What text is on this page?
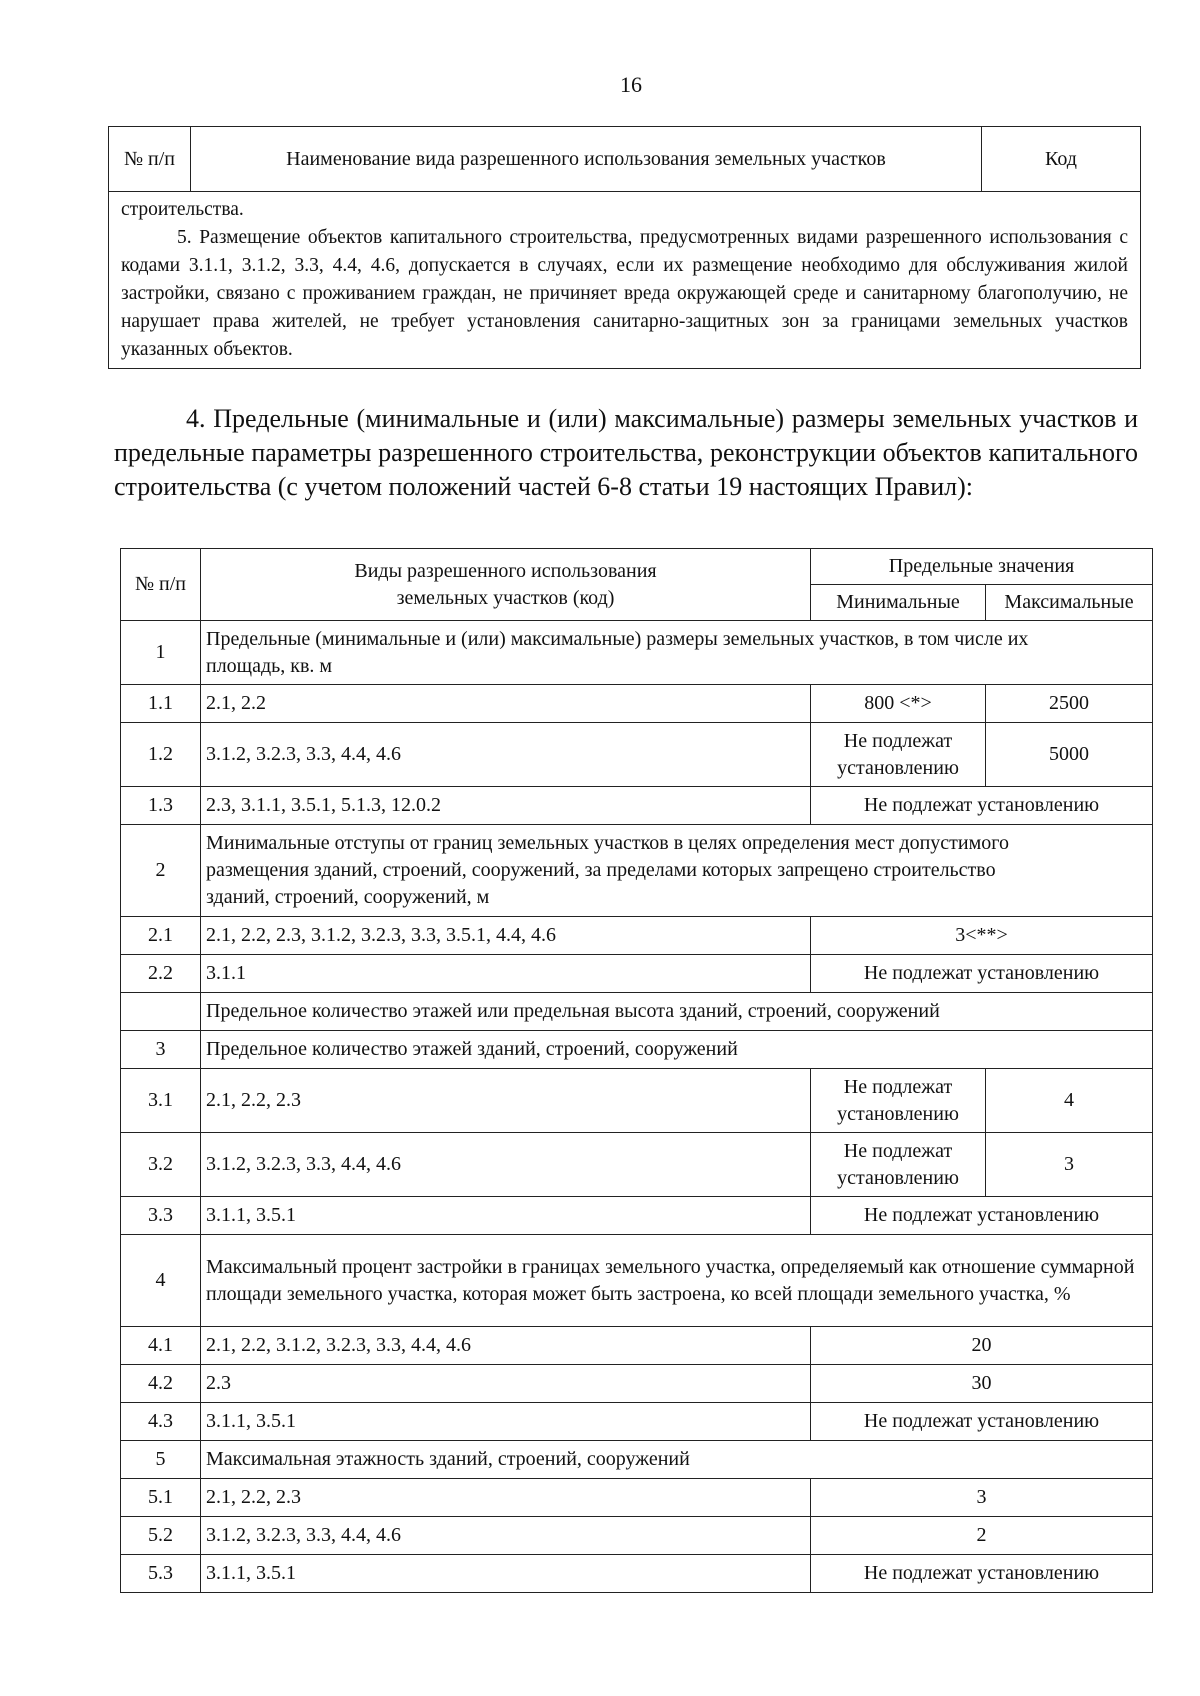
16
№ п/п	Наименование вида разрешенного использования земельных участков	Код

строительства.

5. Размещение объектов капитального строительства, предусмотренных видами разрешенного использования с кодами 3.1.1, 3.1.2, 3.3, 4.4, 4.6, допускается в случаях, если их размещение необходимо для обслуживания жилой застройки, связано с проживанием граждан, не причиняет вреда окружающей среде и санитарному благополучию, не нарушает права жителей, не требует установления санитарно-защитных зон за границами земельных участков указанных объектов.

4. Предельные (минимальные и (или) максимальные) размеры земельных участков и предельные параметры разрешенного строительства, реконструкции объектов капитального строительства (с учетом положений частей 6-8 статьи 19 настоящих Правил):

№ п/п	Виды разрешенного использования земельных участков (код)	Предельные значения	
		Минимальные	Максимальные
1	Предельные (минимальные и (или) максимальные) размеры земельных участков, в том числе их площадь, кв. м		
1.1	2.1, 2.2	800 <*>	2500
1.2	3.1.2, 3.2.3, 3.3, 4.4, 4.6	Не подлежат установлению	5000
1.3	2.3, 3.1.1, 3.5.1, 5.1.3, 12.0.2	Не подлежат установлению	
2	Минимальные отступы от границ земельных участков в целях определения мест допустимого размещения зданий, строений, сооружений, за пределами которых запрещено строительство зданий, строений, сооружений, м		
2.1	2.1, 2.2, 2.3, 3.1.2, 3.2.3, 3.3, 3.5.1, 4.4, 4.6	3<**>	
2.2	3.1.1	Не подлежат установлению	
	Предельное количество этажей или предельная высота зданий, строений, сооружений		
3	Предельное количество этажей зданий, строений, сооружений		
3.1	2.1, 2.2, 2.3	Не подлежат установлению	4
3.2	3.1.2, 3.2.3, 3.3, 4.4, 4.6	Не подлежат установлению	3
3.3	3.1.1, 3.5.1	Не подлежат установлению	
4	Максимальный процент застройки в границах земельного участка, определяемый как отношение суммарной площади земельного участка, которая может быть застроена, ко всей площади земельного участка, %		
4.1	2.1, 2.2, 3.1.2, 3.2.3, 3.3, 4.4, 4.6	20	
4.2	2.3	30	
4.3	3.1.1, 3.5.1	Не подлежат установлению	
5	Максимальная этажность зданий, строений, сооружений		
5.1	2.1, 2.2, 2.3	3	
5.2	3.1.2, 3.2.3, 3.3, 4.4, 4.6	2	
5.3	3.1.1, 3.5.1	Не подлежат установлению	
